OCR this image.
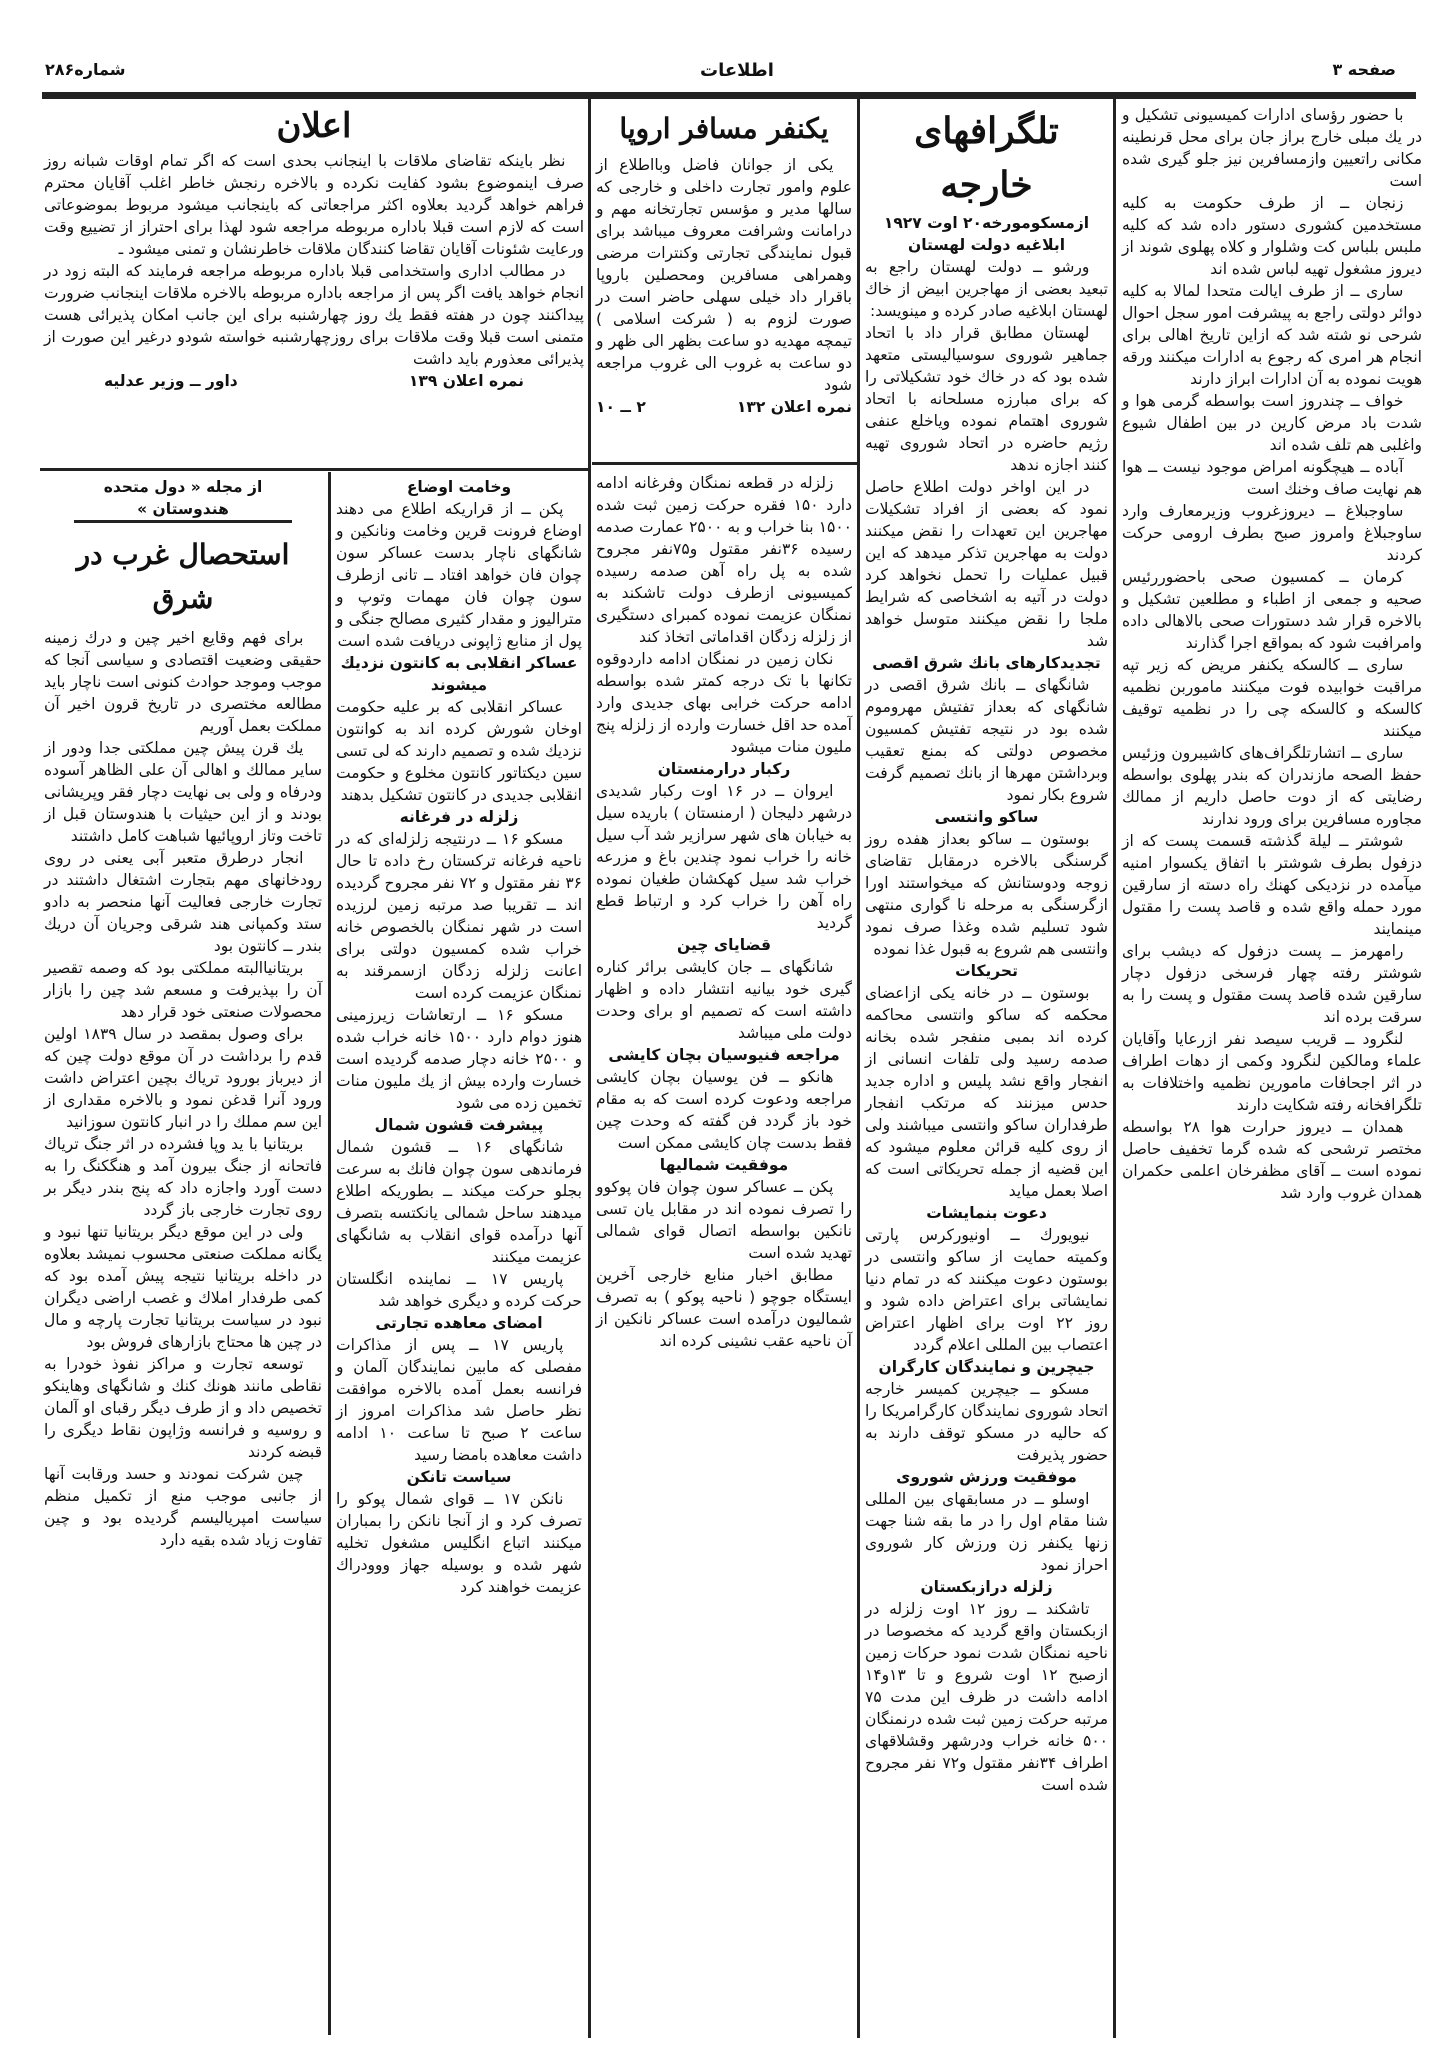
صفحه ۳
اطلاعات
شماره۲۸۶

با حضور رؤسای ادارات کمیسیونی تشکیل و در یك مبلی خارج براز جان برای محل قرنطینه مکانی راتعیین وازمسافرین نیز جلو گیری شده است

زنجان ــ از طرف حکومت به کلیه مستخدمین کشوری دستور داده شد که کلیه ملبس بلباس کت وشلوار و کلاه پهلوی شوند از دیروز مشغول تهیه لباس شده اند

ساری ــ از طرف ایالت متحدا لمالا به کلیه دوائر دولتی راجع به پیشرفت امور سجل احوال شرحی نو شته شد که ازاین تاریخ اهالی برای انجام هر امری که رجوع به ادارات میکنند ورقه هویت نموده به آن ادارات ابراز دارند

خواف ــ چندروز است بواسطه گرمی هوا و شدت باد مرض کارین در بین اطفال شیوع واغلبی هم تلف شده اند

آباده ــ هیچگونه امراض موجود نیست ــ هوا هم نهایت صاف وخنك است

ساوجبلاغ ــ دیروزغروب وزیرمعارف وارد ساوجبلاغ وامروز صبح بطرف ارومی حرکت کردند

کرمان ــ کمسیون صحی باحضوررئیس صحیه و جمعی از اطباء و مطلعین تشکیل و بالاخره قرار شد دستورات صحی بالاهالی داده وامرافبت شود که بمواقع اجرا گذارند

ساری ــ کالسکه یکنفر مریض که زیر تپه مراقبت خوابیده فوت میکنند ماموربن نظمیه کالسکه و کالسکه چی را در نظمیه توقیف میکنند

ساری ــ اتشارتلگراف‌های کاشیبرون وزئیس حفظ الصحه مازندران که بندر پهلوی بواسطه رضایتی که از دوت حاصل داریم از ممالك مجاوره مسافرین برای ورود ندارند

شوشتر ــ لیلة گذشته قسمت پست که از دزفول بطرف شوشتر با اتفاق یکسوار امنیه میآمده در نزدیکی کهنك راه دسته از سارقین مورد حمله واقع شده و قاصد پست را مقتول مینمایند

رامهرمز ــ پست دزفول که دیشب برای شوشتر رفته چهار فرسخی دزفول دچار سارقین شده قاصد پست مقتول و پست را به سرقت برده اند

لنگرود ــ قریب سیصد نفر ازرعایا وآقایان علماء ومالکین لنگرود وکمی از دهات اطراف در اثر اجحافات مامورین نظمیه واختلافات به تلگرافخانه رفته شکایت دارند

همدان ــ دیروز حرارت هوا ۲۸ بواسطه مختصر ترشحی که شده گرما تخفیف حاصل نموده است ــ آقای مظفرخان اعلمی حکمران همدان غروب وارد شد

تلگرافهای خارجه

ازمسکومورخه۲۰ اوت ۱۹۲۷

ابلاغیه دولت لهستان

ورشو ــ دولت لهستان راجع به تبعید بعضی از مهاجرین ابیض از خاك لهستان ابلاغیه صادر کرده و مینویسد:

لهستان مطابق قرار داد با اتحاد جماهیر شوروی سوسیالیستی متعهد شده بود که در خاك خود تشکیلاتی را که برای مبارزه مسلحانه با اتحاد شوروی اهتمام نموده ویاخلع عنفی رژیم حاضره در اتحاد شوروی تهیه کنند اجازه ندهد

در این اواخر دولت اطلاع حاصل نمود که بعضی از افراد تشکیلات مهاجرین این تعهدات را نقض میکنند دولت به مهاجرین تذکر میدهد که این قبیل عملیات را تحمل نخواهد کرد دولت در آتیه به اشخاصی که شرایط ملجا را نقض میکنند متوسل خواهد شد

تجدیدکارهای بانك شرق اقصی

شانگهای ــ بانك شرق اقصی در شانگهای که بعداز تفتیش مهروموم شده بود در نتیجه تفتیش کمسیون مخصوص دولتی که بمنع تعقیب وبرداشتن مهرها از بانك تصمیم گرفت شروع بکار نمود

ساکو وانتسی

بوستون ــ ساکو بعداز هفده روز گرسنگی بالاخره درمقابل تقاضای زوجه ودوستانش که میخواستند اورا ازگرسنگی به مرحله نا گواری منتهی شود تسلیم شده وغذا صرف نمود وانتسی هم شروع به قبول غذا نموده

تحریکات

بوستون ــ در خانه یکی ازاعضای محکمه که ساکو وانتسی محاکمه کرده اند بمبی منفجر شده بخانه صدمه رسید ولی تلفات انسانی از انفجار واقع نشد پلیس و اداره جدید حدس میزنند که مرتکب انفجار طرفداران ساکو وانتسی میباشند ولی از روی کلیه قرائن معلوم میشود که این قضیه از جمله تحریکاتی است که اصلا بعمل میاید

دعوت بنمایشات

نیویورك ــ اونیورکرس پارتی وکمیته حمایت از ساکو وانتسی در بوستون دعوت میکنند که در تمام دنیا نمایشاتی برای اعتراض داده شود و روز ۲۲ اوت برای اظهار اعتراض اعتصاب بین المللی اعلام گردد

جیچرین و نمایندگان کارگران

مسکو ــ جیچرین کمیسر خارجه اتحاد شوروی نمایندگان کارگرامریکا را که حالیه در مسکو توقف دارند به حضور پذیرفت

موفقیت ورزش شوروی

اوسلو ــ در مسابقهای بین المللی شنا مقام اول را در ما بقه شنا جهت زنها یکنفر زن ورزش کار شوروی احراز نمود

زلزله درازبکستان

تاشکند ــ روز ۱۲ اوت زلزله در ازبکستان واقع گردید که مخصوصا در ناحیه نمنگان شدت نمود حرکات زمین ازصبح ۱۲ اوت شروع و تا ۱۳و۱۴ ادامه داشت در ظرف این مدت ۷۵ مرتبه حرکت زمین ثبت شده درنمنگان ۵۰۰ خانه خراب ودرشهر وقشلاقهای اطراف ۳۴نفر مقتول و۷۲ نفر مجروح شده است

یکنفر مسافر اروپا

یکی از جوانان فاضل وبااطلاع از علوم وامور تجارت داخلی و خارجی که سالها مدیر و مؤسس تجارتخانه مهم و درامانت وشرافت معروف میباشد برای قبول نمایندگی تجارتی وکنترات مرضی وهمراهی مسافرین ومحصلین باروپا باقرار داد خیلی سهلی حاضر است در صورت لزوم به ( شرکت اسلامی ) تیمچه مهدیه دو ساعت بظهر الی ظهر و دو ساعت به غروب الی غروب مراجعه شود

نمره اعلان ۱۳۲
۲ ــ ۱۰

زلزله در قطعه نمنگان وفرغانه ادامه دارد ۱۵۰ فقره حرکت زمین ثبت شده ۱۵۰۰ بنا خراب و به ۲۵۰۰ عمارت صدمه رسیده ۳۶نفر مقتول و۷۵نفر مجروح شده به پل راه آهن صدمه رسیده کمیسیونی ازطرف دولت تاشکند به نمنگان عزیمت نموده کمبرای دستگیری از زلزله زدگان اقداماتی اتخاذ کند

نکان زمین در نمنگان ادامه داردوقوه تکانها با تک درجه کمتر شده بواسطه ادامه حرکت خرابی بهای جدیدی وارد آمده حد اقل خسارت وارده از زلزله پنج ملیون منات میشود

رکبار درارمنستان

ایروان ــ در ۱۶ اوت رکبار شدیدی درشهر دلیجان ( ارمنستان ) باریده سیل به خیابان های شهر سرازیر شد آب سیل خانه را خراب نمود چندین باغ و مزرعه خراب شد سیل کهکشان طغیان نموده راه آهن را خراب کرد و ارتباط قطع گردید

قضایای چین

شانگهای ــ جان کایشی برائر کناره گیری خود بیانیه انتشار داده و اظهار داشته است که تصمیم او برای وحدت دولت ملی میباشد

مراجعه فنیوسیان بچان کایشی

هانکو ــ فن یوسیان بچان کایشی مراجعه ودعوت کرده است که به مقام خود باز گردد فن گفته که وحدت چین فقط بدست چان کایشی ممکن است

موفقیت شمالیها

پکن ــ عساکر سون چوان فان پوکوو را تصرف نموده اند در مقابل یان تسی نانکین بواسطه اتصال قوای شمالی تهدید شده است

مطابق اخبار منابع خارجی آخرین ایستگاه جوچو ( ناحیه پوکو ) به تصرف شمالیون درآمده است عساکر نانکین از آن ناحیه عقب نشینی کرده اند

اعلان

نظر باینکه تقاضای ملاقات با اینجانب بحدی است که اگر تمام اوقات شبانه روز صرف اینموضوع بشود کفایت نکرده و بالاخره رنجش خاطر اغلب آقایان محترم فراهم خواهد گردید بعلاوه اکثر مراجعاتی که باینجانب میشود مربوط بموضوعاتی است که لازم است قبلا باداره مربوطه مراجعه شود لهذا برای احتراز از تضییع وقت ورعایت شئونات آقایان تقاضا کنندگان ملاقات خاطرنشان و تمنی میشود ـ

در مطالب اداری واستخدامی قبلا باداره مربوطه مراجعه فرمایند که البته زود در انجام خواهد یافت اگر پس از مراجعه باداره مربوطه بالاخره ملاقات اینجانب ضرورت پیداکنند چون در هفته فقط یك روز چهارشنبه برای این جانب امکان پذیرائی هست متمنی است قبلا وقت ملاقات برای روزچهارشنبه خواسته شودو درغیر این صورت از پذیرائی معذورم باید داشت

نمره اعلان ۱۳۹
داور ــ وزیر عدلیه

وخامت اوضاع

پکن ــ از قراریکه اطلاع می دهند اوضاع فرونت قرین وخامت ونانکین و شانگهای ناچار بدست عساکر سون چوان فان خواهد افتاد ــ تانی ازطرف سون چوان فان مهمات وتوپ و مترالیوز و مقدار کثیری مصالح جنگی و پول از منابع ژاپونی دریافت شده است

عساکر انقلابی به کانتون نزدیك میشوند

عساکر انقلابی که بر علیه حکومت اوخان شورش کرده اند به کوانتون نزدیك شده و تصمیم دارند که لی تسی سین دیکتاتور کانتون مخلوع و حکومت انقلابی جدیدی در کانتون تشکیل بدهند

زلزله در فرغانه

مسکو ۱۶ ــ درنتیجه زلزله‌ای که در ناحیه فرغانه ترکستان رخ داده تا حال ۳۶ نفر مقتول و ۷۲ نفر مجروح گردیده اند ــ تقریبا صد مرتبه زمین لرزیده است در شهر نمنگان بالخصوص خانه خراب شده کمسیون دولتی برای اعانت زلزله زدگان ازسمرقند به نمنگان عزیمت کرده است

مسکو ۱۶ ــ ارتعاشات زیرزمینی هنوز دوام دارد ۱۵۰۰ خانه خراب شده و ۲۵۰۰ خانه دچار صدمه گردیده است خسارت وارده بیش از یك ملیون منات تخمین زده می شود

پیشرفت قشون شمال

شانگهای ۱۶ ــ قشون شمال فرماندهی سون چوان فانك به سرعت بجلو حرکت میکند ــ بطوریکه اطلاع میدهند ساحل شمالی یانکتسه بتصرف آنها درآمده قوای انقلاب به شانگهای عزیمت میکنند

پاریس ۱۷ ــ نماینده انگلستان حرکت کرده و دیگری خواهد شد

امضای معاهده تجارتی

پاریس ۱۷ ــ پس از مذاکرات مفصلی که مابین نمایندگان آلمان و فرانسه بعمل آمده بالاخره موافقت نظر حاصل شد مذاکرات امروز از ساعت ۲ صبح تا ساعت ۱۰ ادامه داشت معاهده بامضا رسید

سیاست تانکن

نانکن ۱۷ ــ قوای شمال پوکو را تصرف کرد و از آنجا نانکن را بمباران میکنند اتباع انگلیس مشغول تخلیه شهر شده و بوسیله جهاز ووودراك عزیمت خواهند کرد

از مجله « دول متحده هندوستان »

استحصال غرب در شرق

برای فهم وقایع اخیر چین و درك زمینه حقیقی وضعیت اقتصادی و سیاسی آنجا که موجب وموجد حوادث کنونی است ناچار باید مطالعه مختصری در تاریخ قرون اخیر آن مملکت بعمل آوریم

یك قرن پیش چین مملکتی جدا ودور از سایر ممالك و اهالی آن علی الظاهر آسوده ودرفاه و ولی بی نهایت دچار فقر وپریشانی بودند و از این حیثیات با هندوستان قبل از تاخت وتاز اروپائیها شباهت کامل داشتند

انجار درطرق متعبر آبی یعنی در روی رودخانهای مهم بتجارت اشتغال داشتند در تجارت خارجی فعالیت آنها منحصر به دادو ستد وکمپانی هند شرقی وجریان آن دریك بندر ــ کانتون بود

بریتانیاالبته مملکتی بود که وصمه تقصیر آن را بپذیرفت و مسعم شد چین را بازار محصولات صنعتی خود قرار دهد

برای وصول بمقصد در سال ۱۸۳۹ اولین قدم را برداشت در آن موقع دولت چین که از دیرباز بورود تریاك بچین اعتراض داشت ورود آنرا قدغن نمود و بالاخره مقداری از این سم مملك را در انبار کانتون سوزانید

بریتانیا با ید وپا فشرده در اثر جنگ تریاك فاتحانه از جنگ بیرون آمد و هنگکنگ را به دست آورد واجازه داد که پنج بندر دیگر بر روی تجارت خارجی باز گردد

ولی در این موقع دیگر بریتانیا تنها نبود و یگانه مملکت صنعتی محسوب نمیشد بعلاوه در داخله بریتانیا نتیجه پیش آمده بود که کمی طرفدار املاك و غصب اراضی دیگران نبود در سیاست بریتانیا تجارت پارچه و مال در چین ها محتاج بازارهای فروش بود

توسعه تجارت و مراکز نفوذ خودرا به نقاطی مانند هونك کنك و شانگهای وهاینکو تخصیص داد و از طرف دیگر رقبای او آلمان و روسیه و فرانسه وژاپون نقاط دیگری را قبضه کردند

چین شرکت نمودند و حسد ورقابت آنها از جانبی موجب منع از تکمیل منظم سیاست امپریالیسم گردیده بود و چین تفاوت زیاد شده بقیه دارد
